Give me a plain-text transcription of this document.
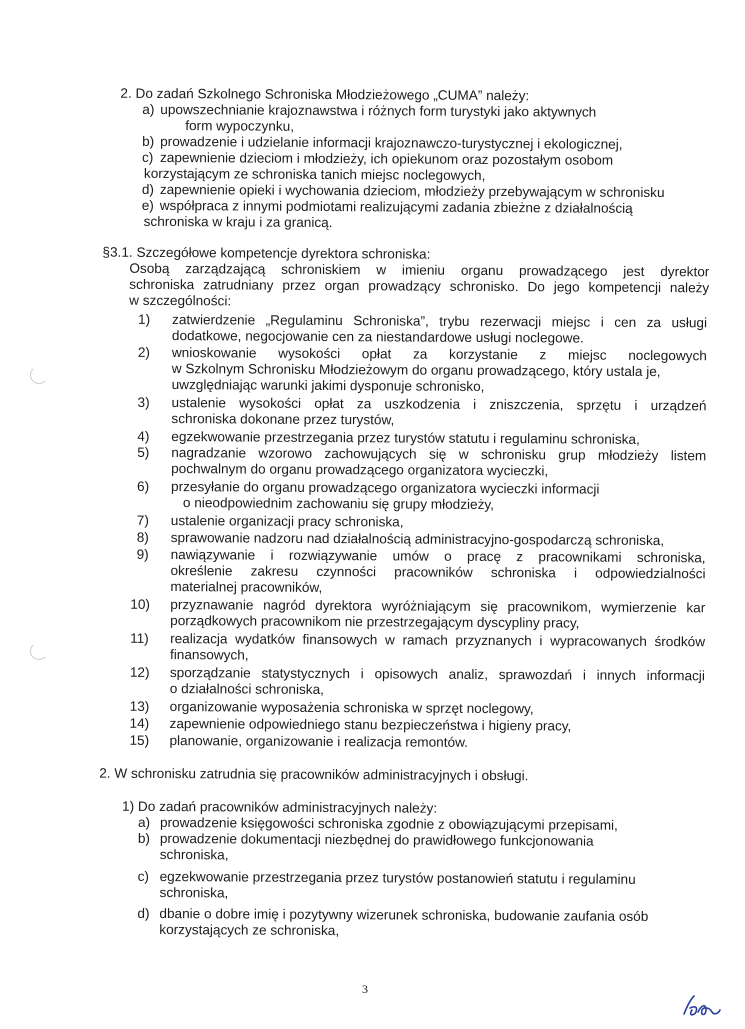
2. Do zadań Szkolnego Schroniska Młodzieżowego „CUMA” należy:
a) upowszechnianie krajoznawstwa i różnych form turystyki jako aktywnych
form wypoczynku,
b) prowadzenie i udzielanie informacji krajoznawczo-turystycznej i ekologicznej,
c) zapewnienie dzieciom i młodzieży, ich opiekunom oraz pozostałym osobom
korzystającym ze schroniska tanich miejsc noclegowych,
d) zapewnienie opieki i wychowania dzieciom, młodzieży przebywającym w schronisku
e) współpraca z innymi podmiotami realizującymi zadania zbieżne z działalnością
schroniska w kraju i za granicą.
§3.1. Szczegółowe kompetencje dyrektora schroniska:
Osobą zarządzającą schroniskiem w imieniu organu prowadzącego jest dyrektor
schroniska zatrudniany przez organ prowadzący schronisko. Do jego kompetencji należy
w szczególności:
1) zatwierdzenie „Regulaminu Schroniska”, trybu rezerwacji miejsc i cen za usługi
dodatkowe, negocjowanie cen za niestandardowe usługi noclegowe.
2) wnioskowanie wysokości opłat za korzystanie z miejsc noclegowych
w Szkolnym Schronisku Młodzieżowym do organu prowadzącego, który ustala je,
uwzględniając warunki jakimi dysponuje schronisko,
3) ustalenie wysokości opłat za uszkodzenia i zniszczenia, sprzętu i urządzeń
schroniska dokonane przez turystów,
4) egzekwowanie przestrzegania przez turystów statutu i regulaminu schroniska,
5) nagradzanie wzorowo zachowujących się w schronisku grup młodzieży listem
pochwalnym do organu prowadzącego organizatora wycieczki,
6) przesyłanie do organu prowadzącego organizatora wycieczki informacji
o nieodpowiednim zachowaniu się grupy młodzieży,
7) ustalenie organizacji pracy schroniska,
8) sprawowanie nadzoru nad działalnością administracyjno-gospodarczą schroniska,
9) nawiązywanie i rozwiązywanie umów o pracę z pracownikami schroniska,
określenie zakresu czynności pracowników schroniska i odpowiedzialności
materialnej pracowników,
10) przyznawanie nagród dyrektora wyróżniającym się pracownikom, wymierzenie kar
porządkowych pracownikom nie przestrzegającym dyscypliny pracy,
11) realizacja wydatków finansowych w ramach przyznanych i wypracowanych środków
finansowych,
12) sporządzanie statystycznych i opisowych analiz, sprawozdań i innych informacji
o działalności schroniska,
13) organizowanie wyposażenia schroniska w sprzęt noclegowy,
14) zapewnienie odpowiedniego stanu bezpieczeństwa i higieny pracy,
15) planowanie, organizowanie i realizacja remontów.
2. W schronisku zatrudnia się pracowników administracyjnych i obsługi.
1) Do zadań pracowników administracyjnych należy:
a) prowadzenie księgowości schroniska zgodnie z obowiązującymi przepisami,
b) prowadzenie dokumentacji niezbędnej do prawidłowego funkcjonowania
schroniska,
c) egzekwowanie przestrzegania przez turystów postanowień statutu i regulaminu
schroniska,
d) dbanie o dobre imię i pozytywny wizerunek schroniska, budowanie zaufania osób
korzystających ze schroniska,
3
